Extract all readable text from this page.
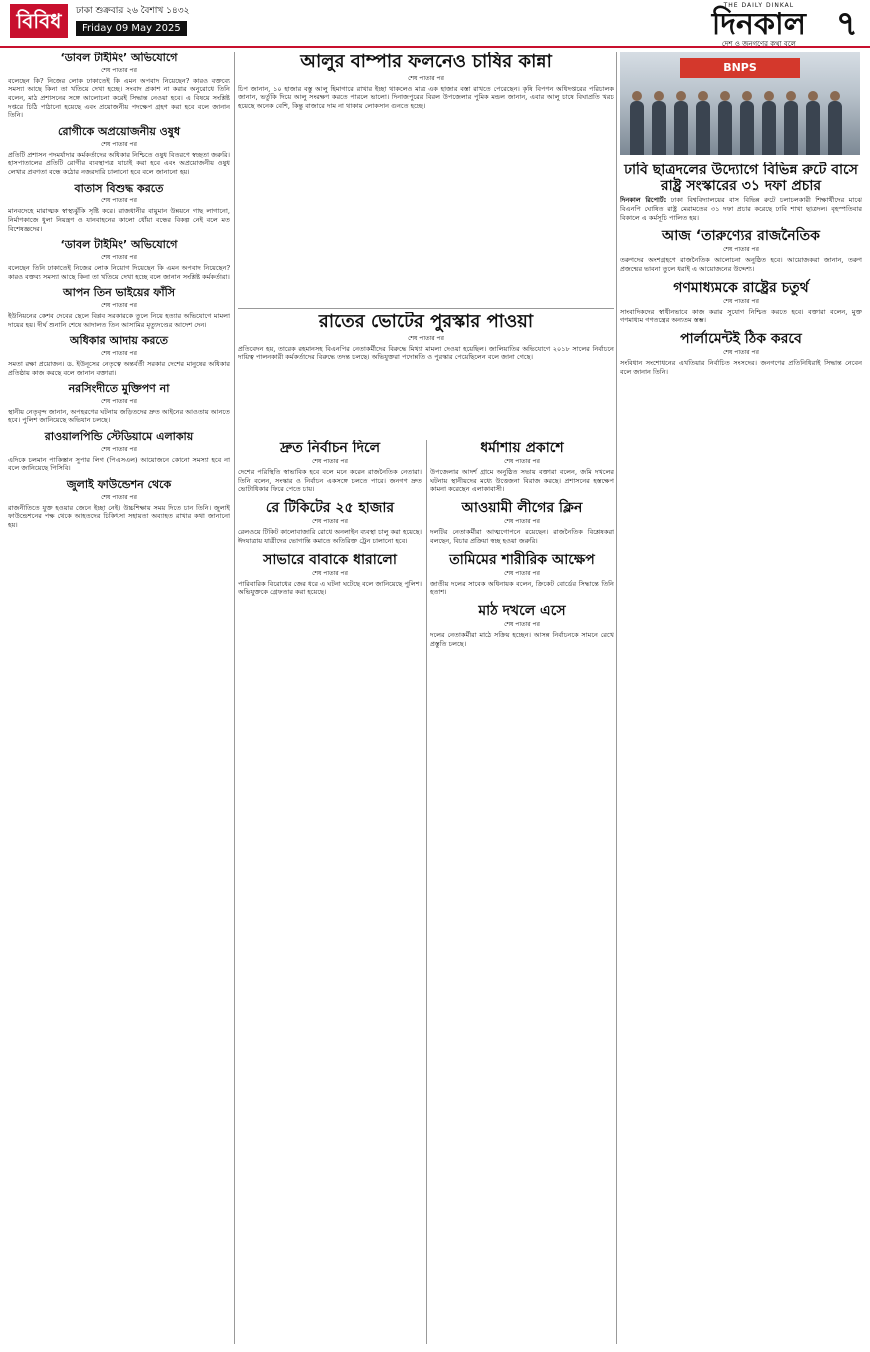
বিবিধ	ঢাকা শুক্রবার ২৬ বৈশাখ ১৪৩২
Friday 09 May 2025
THE DAILY DINKAL
দিনকাল
দেশ ও জনগণের কথা বলে ৭
‘ডাবল টাইমিং’ অভিযোগে
শেষ পাতার পর

বলেছেন কি? নিজের লোক ঢাকাতেই কি এমন অপবাদ নিয়েছেন? কারও বক্তব্যে সমস্যা আছে কিনা তা খতিয়ে দেখা হচ্ছে। সংবাদ প্রকাশ না করার অনুরোধে তিনি বলেন, মাঠ প্রশাসনের সঙ্গে আলোচনা করেই সিদ্ধান্ত নেওয়া হবে। এ বিষয়ে সংশ্লিষ্ট দপ্তরে চিঠি পাঠানো হয়েছে এবং প্রয়োজনীয় পদক্ষেপ গ্রহণ করা হবে বলে জানান তিনি।

রোগীকে অপ্রয়োজনীয় ওষুধ
শেষ পাতার পর

প্রতিটি প্রশাসন পদমর্যাদার কর্মকর্তাদের অধিকার নিশ্চিতে ওষুধ বিতরণে স্বচ্ছতা জরুরি। হাসপাতালের প্রতিটি রোগীর ব্যবস্থাপত্র যাচাই করা হবে এবং অপ্রয়োজনীয় ওষুধ লেখার প্রবণতা বন্ধে কঠোর নজরদারি চালানো হবে বলে জানানো হয়।

বাতাস বিশুদ্ধ করতে
শেষ পাতার পর

মানবদেহে মারাত্মক স্বাস্থ্যঝুঁকি সৃষ্টি করে। রাজধানীর বায়ুমান উন্নয়নে গাছ লাগানো, নির্মাণকাজে ধুলা নিয়ন্ত্রণ ও যানবাহনের কালো ধোঁয়া বন্ধের বিকল্প নেই বলে মত বিশেষজ্ঞদের।

‘ডাবল টাইমিং’ অভিযোগে
শেষ পাতার পর

বলেছেন তিনি ঢাকাতেই নিজের লোক নিয়োগ দিয়েছেন কি এমন অপবাদ নিয়েছেন? কারও বক্তব্য সমস্যা আছে কিনা তা খতিয়ে দেখা হচ্ছে বলে জানান সংশ্লিষ্ট কর্মকর্তারা।

আপন তিন ভাইয়ের ফাঁসি
শেষ পাতার পর

ইউনিয়নের কেশব দেবের ছেলে বিপ্লব সরকারকে তুলে নিয়ে হত্যার অভিযোগে মামলা দায়ের হয়। দীর্ঘ শুনানি শেষে আদালত তিন আসামির মৃত্যুদণ্ডের আদেশ দেন।

অধিকার আদায় করতে
শেষ পাতার পর

সমতা রক্ষা প্রয়োজন। ড. ইউনূসের নেতৃত্বে অন্তর্বর্তী সরকার দেশের মানুষের অধিকার প্রতিষ্ঠায় কাজ করছে বলে জানান বক্তারা।

নরসিংদীতে মুক্তিপণ না
শেষ পাতার পর

স্থানীয় নেতৃবৃন্দ জানান, অপহরণের ঘটনায় জড়িতদের দ্রুত আইনের আওতায় আনতে হবে। পুলিশ জানিয়েছে অভিযান চলছে।

রাওয়ালপিন্ডি স্টেডিয়ামে এলাকায়
শেষ পাতার পর

এদিকে চলমান পাকিস্তান সুপার লিগ (পিএসএল) আয়োজনে কোনো সমস্যা হবে না বলে জানিয়েছে পিসিবি।

জুলাই ফাউন্ডেশন থেকে
শেষ পাতার পর

রাজনীতিতে যুক্ত হওয়ার জেনে ইচ্ছা নেই। উচ্চশিক্ষায় সময় দিতে চান তিনি। জুলাই ফাউন্ডেশনের পক্ষ থেকে আহতদের চিকিৎসা সহায়তা অব্যাহত রাখার কথা জানানো হয়।

আলুর বাম্পার ফলনেও চাষির কান্না
শেষ পাতার পর

চিপ জানান, ১০ হাজার বস্তু আলু হিমাগারে রাখার ইচ্ছা থাকলেও মাত্র এক হাজার বস্তা রাখতে পেরেছেন। কৃষি বিপণন অধিদপ্তরের পরিচালক জানান, ভর্তুকি দিয়ে আলু সংরক্ষণ করতে পারলে ভালো। দিনাজপুরের বিরল উপজেলার পুমিক মন্ডল জানান, এবার আলু চাষে বিঘাপ্রতি খরচ হয়েছে অনেক বেশি, কিন্তু বাজারে দাম না থাকায় লোকসান গুনতে হচ্ছে।

রাতের ভোটের পুরস্কার পাওয়া
শেষ পাতার পর

প্রতিবেদন হয়, তারেক রহমানসহ বিএনপির নেতাকর্মীদের বিরুদ্ধে মিথ্যা মামলা দেওয়া হয়েছিল। জালিয়াতির অভিযোগে ২০১৮ সালের নির্বাচনে দায়িত্ব পালনকারী কর্মকর্তাদের বিরুদ্ধে তদন্ত চলছে। অভিযুক্তরা পদোন্নতি ও পুরস্কার পেয়েছিলেন বলে জানা গেছে।

দ্রুত নির্বাচন দিলে
শেষ পাতার পর

দেশের পরিস্থিতি স্বাভাবিক হবে বলে মনে করেন রাজনৈতিক নেতারা। তিনি বলেন, সংস্কার ও নির্বাচন একসঙ্গে চলতে পারে। জনগণ দ্রুত ভোটাধিকার ফিরে পেতে চায়।

রে টিকিটের ২৫ হাজার
শেষ পাতার পর

রেলওয়ে টিকিট কালোবাজারি রোধে অনলাইন ব্যবস্থা চালু করা হয়েছে। ঈদযাত্রায় যাত্রীদের ভোগান্তি কমাতে অতিরিক্ত ট্রেন চালানো হবে।

সাভারে বাবাকে ধারালো
শেষ পাতার পর

পারিবারিক বিরোধের জের ধরে এ ঘটনা ঘটেছে বলে জানিয়েছে পুলিশ। অভিযুক্তকে গ্রেফতার করা হয়েছে।

ধর্মাশায় প্রকাশে
শেষ পাতার পর

উপজেলার আদর্শ গ্রামে অনুষ্ঠিত সভায় বক্তারা বলেন, জমি দখলের ঘটনায় স্থানীয়দের মধ্যে উত্তেজনা বিরাজ করছে। প্রশাসনের হস্তক্ষেপ কামনা করেছেন এলাকাবাসী।

আওয়ামী লীগের ক্লিন
শেষ পাতার পর

দলটির নেতাকর্মীরা আত্মগোপনে রয়েছেন। রাজনৈতিক বিশ্লেষকরা বলছেন, বিচার প্রক্রিয়া স্বচ্ছ হওয়া জরুরি।

তামিমের শারীরিক আক্ষেপ
শেষ পাতার পর

জাতীয় দলের সাবেক অধিনায়ক বলেন, ক্রিকেট বোর্ডের সিদ্ধান্তে তিনি হতাশ।

মাঠ দখলে এসে
শেষ পাতার পর

দলের নেতাকর্মীরা মাঠে সক্রিয় হচ্ছেন। আসন্ন নির্বাচনকে সামনে রেখে প্রস্তুতি চলছে।

BNPS
ঢাবি ছাত্রদলের উদ্যোগে বিভিন্ন রুটে বাসে রাষ্ট্র সংস্কারের ৩১ দফা প্রচার

দিনকাল রিপোর্ট: ঢাকা বিশ্ববিদ্যালয়ের বাস বিভিন্ন রুটে চলাচলকারী শিক্ষার্থীদের মাঝে বিএনপি ঘোষিত রাষ্ট্র মেরামতের ৩১ দফা প্রচার করেছে ঢাবি শাখা ছাত্রদল। বৃহস্পতিবার বিকালে এ কর্মসূচি পালিত হয়।

আজ ‘তারুণ্যের রাজনৈতিক
শেষ পাতার পর

তরুণদের অংশগ্রহণে রাজনৈতিক আলোচনা অনুষ্ঠিত হবে। আয়োজকরা জানান, তরুণ প্রজন্মের ভাবনা তুলে ধরাই এ আয়োজনের উদ্দেশ্য।

গণমাধ্যমকে রাষ্ট্রের চতুর্থ
শেষ পাতার পর

সাংবাদিকদের স্বাধীনভাবে কাজ করার সুযোগ নিশ্চিত করতে হবে। বক্তারা বলেন, মুক্ত গণমাধ্যম গণতন্ত্রের অন্যতম স্তম্ভ।

পার্লামেন্টই ঠিক করবে
শেষ পাতার পর

সংবিধান সংশোধনের এখতিয়ার নির্বাচিত সংসদের। জনগণের প্রতিনিধিরাই সিদ্ধান্ত নেবেন বলে জানান তিনি।
